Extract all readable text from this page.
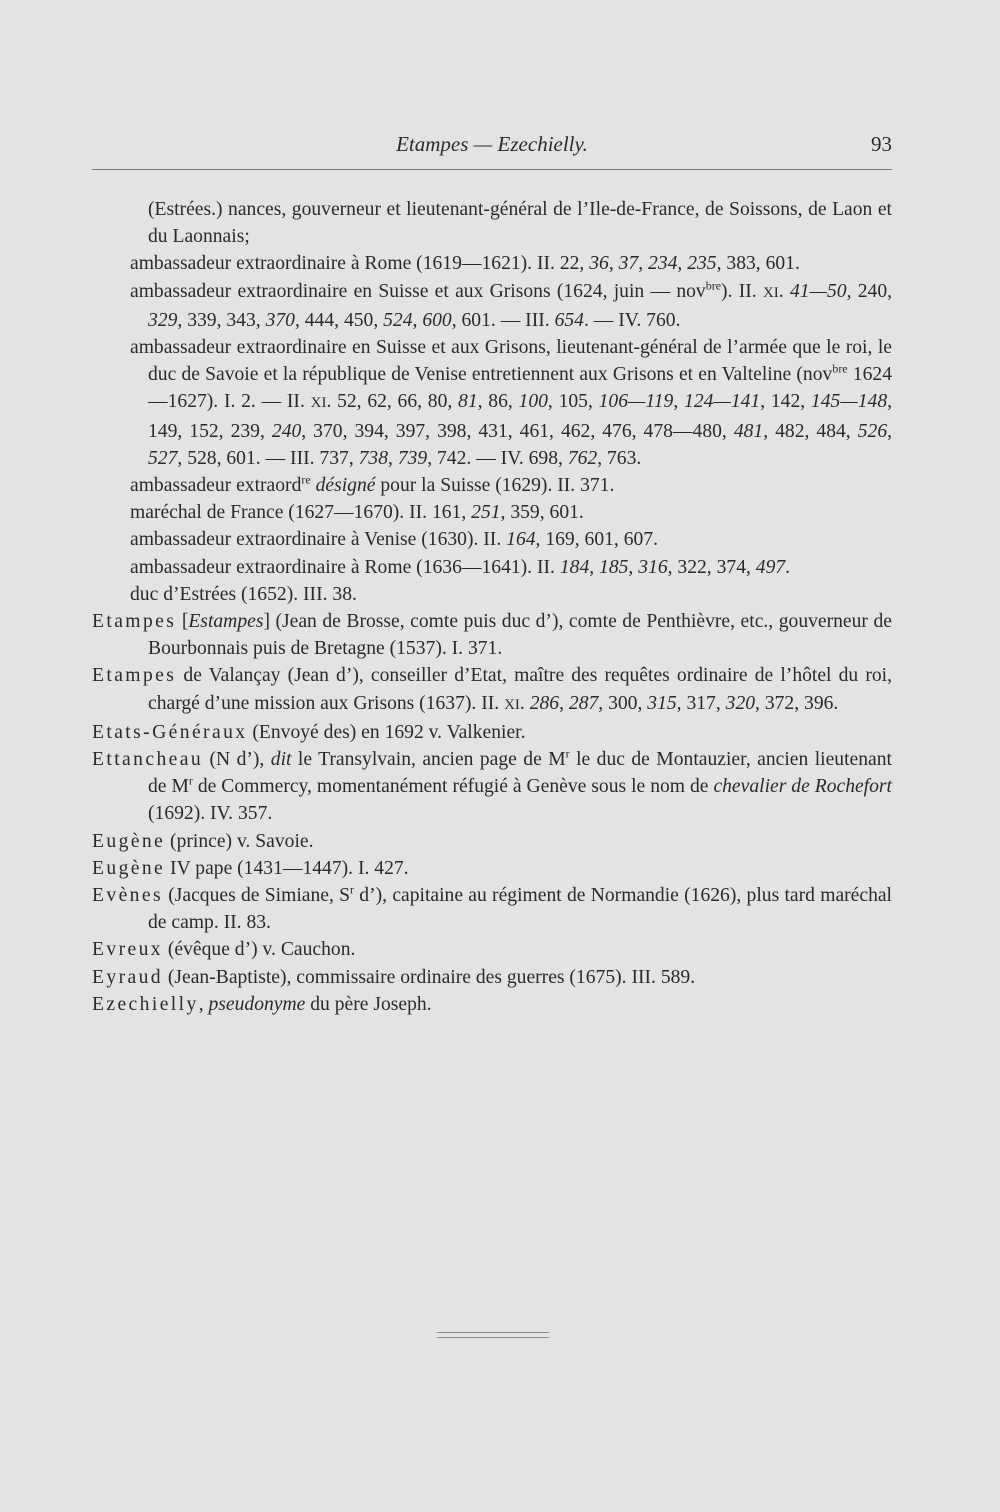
Etampes — Ezechielly.	93
(Estrées.) nances, gouverneur et lieutenant-général de l’Ile-de-France, de Soissons, de Laon et du Laonnais;
ambassadeur extraordinaire à Rome (1619—1621). II. 22, 36, 37, 234, 235, 383, 601.
ambassadeur extraordinaire en Suisse et aux Grisons (1624, juin — nov$^{bre}$). II. XI. 41—50, 240, 329, 339, 343, 370, 444, 450, 524, 600, 601. — III. 654. — IV. 760.
ambassadeur extraordinaire en Suisse et aux Grisons, lieutenant-général de l’armée que le roi, le duc de Savoie et la république de Venise entretiennent aux Grisons et en Valteline (nov$^{bre}$ 1624—1627). I. 2. — II. XI. 52, 62, 66, 80, 81, 86, 100, 105, 106—119, 124—141, 142, 145—148, 149, 152, 239, 240, 370, 394, 397, 398, 431, 461, 462, 476, 478—480, 481, 482, 484, 526, 527, 528, 601. — III. 737, 738, 739, 742. — IV. 698, 762, 763.
ambassadeur extraord$^{re}$ désigné pour la Suisse (1629). II. 371.
maréchal de France (1627—1670). II. 161, 251, 359, 601.
ambassadeur extraordinaire à Venise (1630). II. 164, 169, 601, 607.
ambassadeur extraordinaire à Rome (1636—1641). II. 184, 185, 316, 322, 374, 497.
duc d’Estrées (1652). III. 38.
Etampes [Estampes] (Jean de Brosse, comte puis duc d’), comte de Penthièvre, etc., gouverneur de Bourbonnais puis de Bretagne (1537). I. 371.
Etampes de Valançay (Jean d’), conseiller d’Etat, maître des requêtes ordinaire de l’hôtel du roi, chargé d’une mission aux Grisons (1637). II. XI. 286, 287, 300, 315, 317, 320, 372, 396.
Etats-Généraux (Envoyé des) en 1692 v. Valkenier.
Ettancheau (N d’), dit le Transylvain, ancien page de $M^r$ le duc de Montauzier, ancien lieutenant de $M^r$ de Commercy, momentanément réfugié à Genève sous le nom de chevalier de Rochefort (1692). IV. 357.
Eugène (prince) v. Savoie.
Eugène IV pape (1431—1447). I. 427.
Evènes (Jacques de Simiane, $S^r$ d’), capitaine au régiment de Normandie (1626), plus tard maréchal de camp. II. 83.
Evreux (évêque d’) v. Cauchon.
Eyraud (Jean-Baptiste), commissaire ordinaire des guerres (1675). III. 589.
Ezechielly, pseudonyme du père Joseph.
